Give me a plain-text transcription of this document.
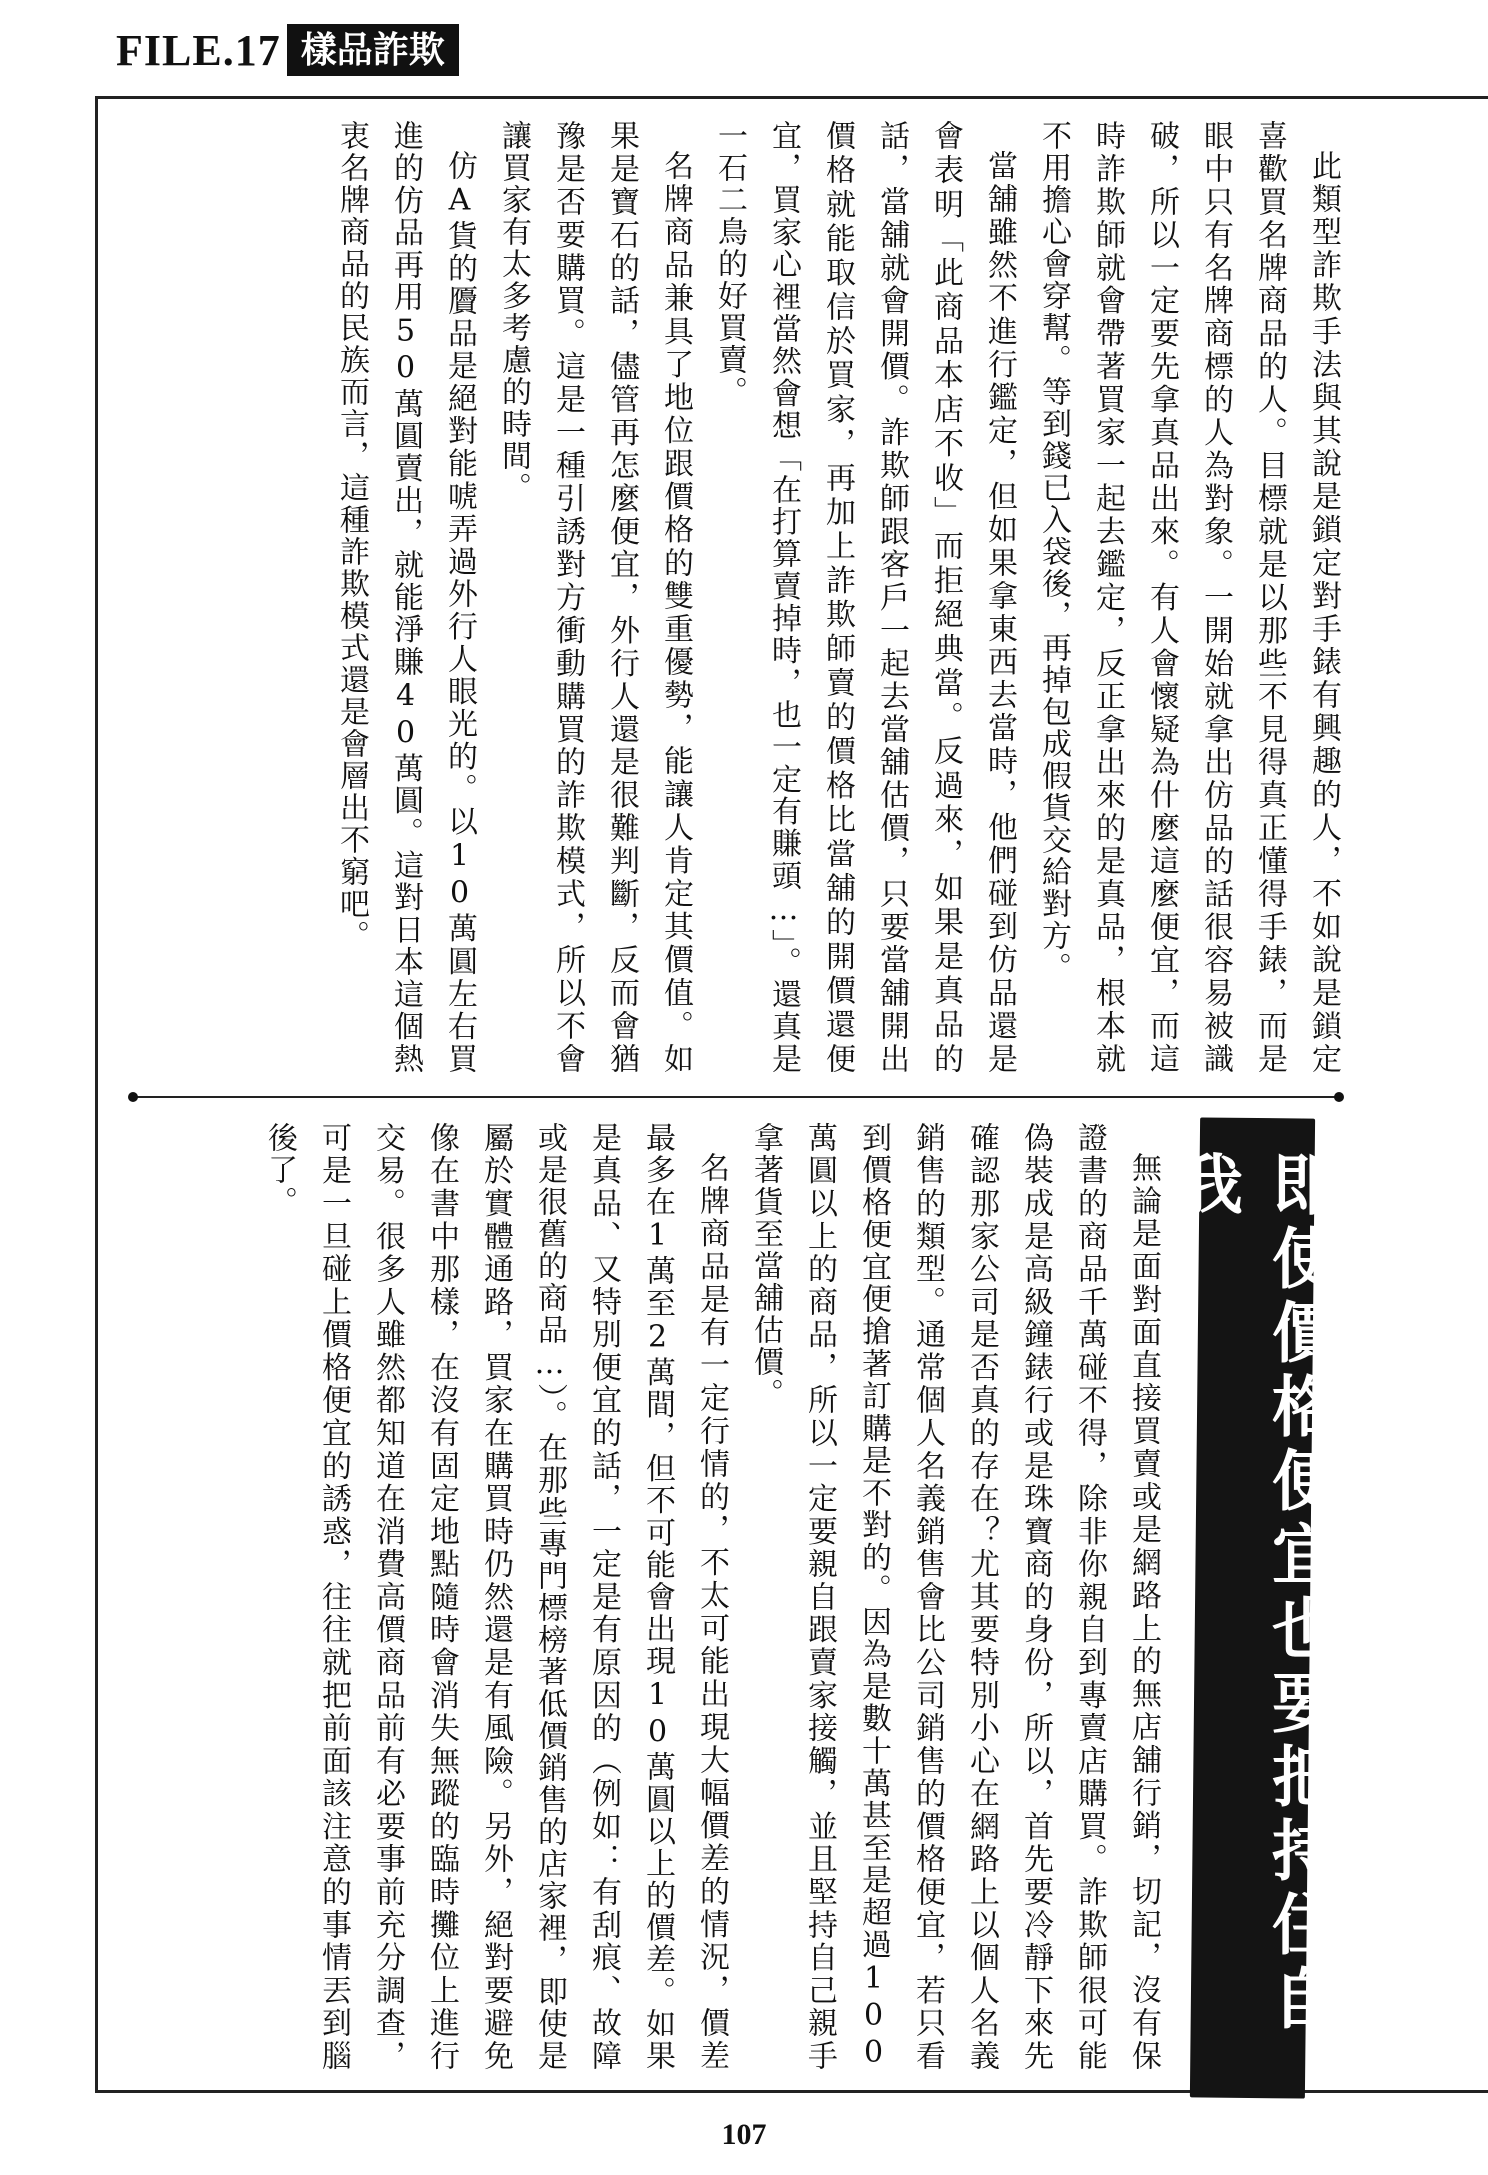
FILE.17 樣品詐欺

此類型詐欺手法與其說是鎖定對手錶有興趣的人，不如說是鎖定喜歡買名牌商品的人。目標就是以那些不見得真正懂得手錶，而是眼中只有名牌商標的人為對象。一開始就拿出仿品的話很容易被識破，所以一定要先拿真品出來。有人會懷疑為什麼這麼便宜，而這時詐欺師就會帶著買家一起去鑑定，反正拿出來的是真品，根本就不用擔心會穿幫。等到錢已入袋後，再掉包成假貨交給對方。

當舖雖然不進行鑑定，但如果拿東西去當時，他們碰到仿品還是會表明「此商品本店不收」而拒絕典當。反過來，如果是真品的話，當舖就會開價。詐欺師跟客戶一起去當舖估價，只要當舖開出價格就能取信於買家，再加上詐欺師賣的價格比當舖的開價還便宜，買家心裡當然會想「在打算賣掉時，也一定有賺頭…」。還真是一石二鳥的好買賣。

名牌商品兼具了地位跟價格的雙重優勢，能讓人肯定其價值。如果是寶石的話，儘管再怎麼便宜，外行人還是很難判斷，反而會猶豫是否要購買。這是一種引誘對方衝動購買的詐欺模式，所以不會讓買家有太多考慮的時間。

仿A貨的贗品是絕對能唬弄過外行人眼光的。以10萬圓左右買進的仿品再用50萬圓賣出，就能淨賺40萬圓。這對日本這個熱衷名牌商品的民族而言，這種詐欺模式還是會層出不窮吧。

即使價格便宜也要把持住自我

無論是面對面直接買賣或是網路上的無店舖行銷，切記，沒有保證書的商品千萬碰不得，除非你親自到專賣店購買。詐欺師很可能偽裝成是高級鐘錶行或是珠寶商的身份，所以，首先要冷靜下來先確認那家公司是否真的存在？尤其要特別小心在網路上以個人名義銷售的類型。通常個人名義銷售會比公司銷售的價格便宜，若只看到價格便宜便搶著訂購是不對的。因為是數十萬甚至是超過100萬圓以上的商品，所以一定要親自跟賣家接觸，並且堅持自己親手拿著貨至當舖估價。

名牌商品是有一定行情的，不太可能出現大幅價差的情況，價差最多在1萬至2萬間，但不可能會出現10萬圓以上的價差。如果是真品、又特別便宜的話，一定是有原因的（例如：有刮痕、故障或是很舊的商品…）。在那些專門標榜著低價銷售的店家裡，即使是屬於實體通路，買家在購買時仍然還是有風險。另外，絕對要避免像在書中那樣，在沒有固定地點隨時會消失無蹤的臨時攤位上進行交易。很多人雖然都知道在消費高價商品前有必要事前充分調查，可是一旦碰上價格便宜的誘惑，往往就把前面該注意的事情丟到腦後了。

107
